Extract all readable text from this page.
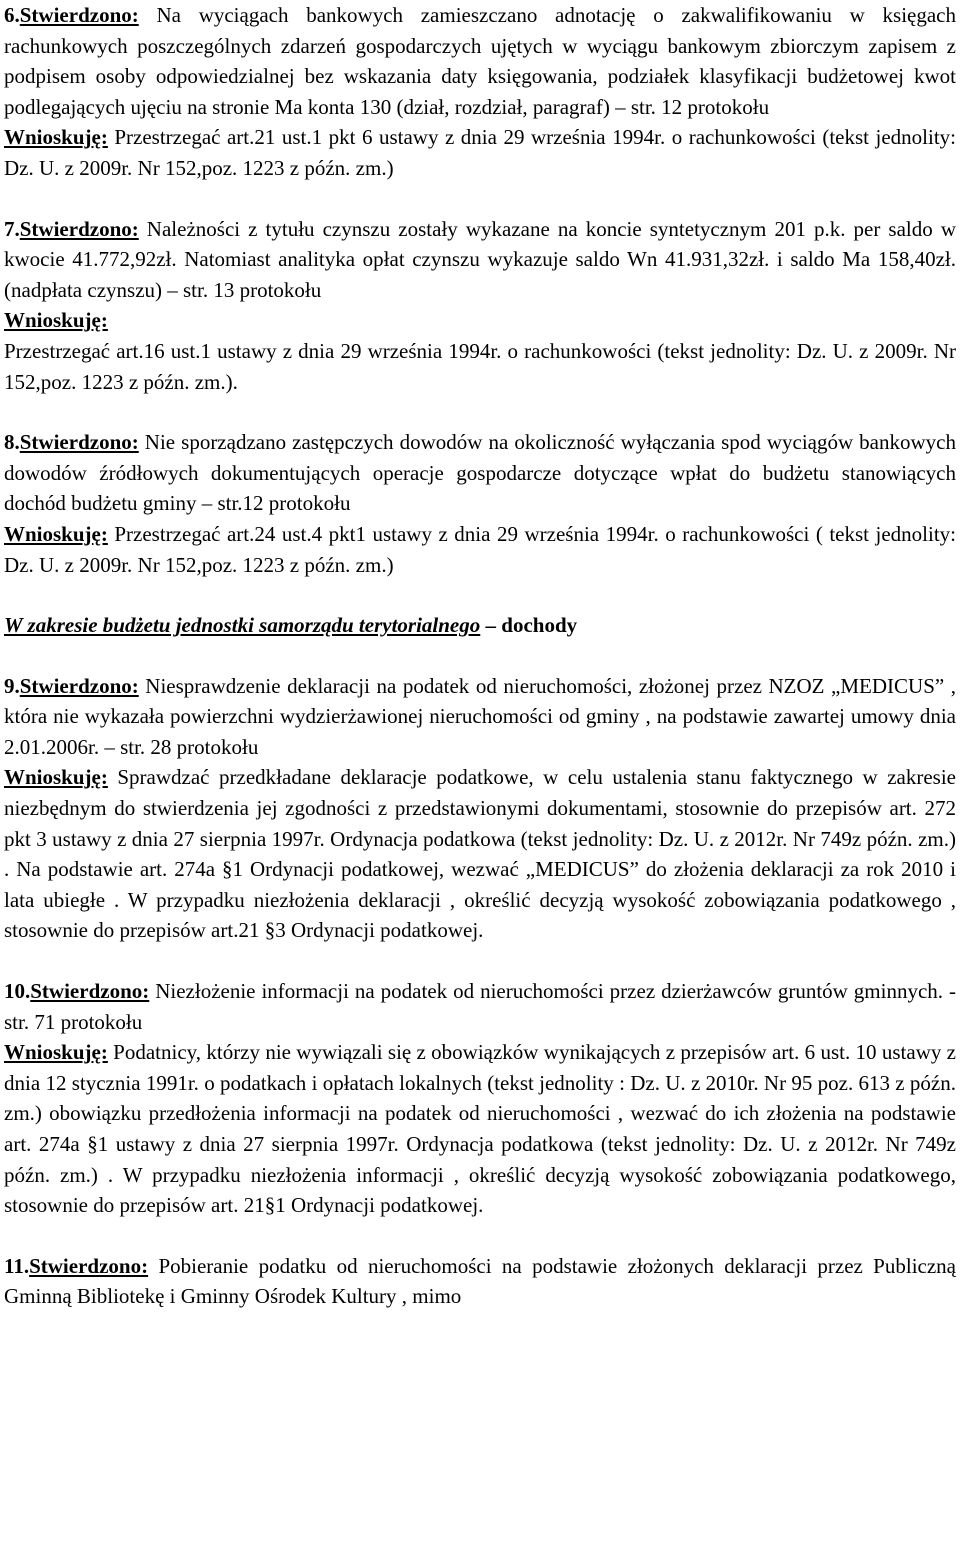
6.Stwierdzono: Na wyciągach bankowych zamieszczano adnotację o zakwalifikowaniu w księgach rachunkowych poszczególnych zdarzeń gospodarczych ujętych w wyciągu bankowym zbiorczym zapisem z podpisem osoby odpowiedzialnej bez wskazania daty księgowania, podziałek klasyfikacji budżetowej kwot podlegających ujęciu na stronie Ma konta 130 (dział, rozdział, paragraf) – str. 12 protokołu

Wnioskuję: Przestrzegać art.21 ust.1 pkt 6 ustawy z dnia 29 września 1994r. o rachunkowości (tekst jednolity: Dz. U. z 2009r. Nr 152,poz. 1223 z późn. zm.)

7.Stwierdzono: Należności z tytułu czynszu zostały wykazane na koncie syntetycznym 201 p.k. per saldo w kwocie 41.772,92zł. Natomiast analityka opłat czynszu wykazuje saldo Wn 41.931,32zł. i saldo Ma 158,40zł. (nadpłata czynszu) – str. 13 protokołu

Wnioskuję:

Przestrzegać art.16 ust.1 ustawy z dnia 29 września 1994r. o rachunkowości (tekst jednolity: Dz. U. z 2009r. Nr 152,poz. 1223 z późn. zm.).

8.Stwierdzono: Nie sporządzano zastępczych dowodów na okoliczność wyłączania spod wyciągów bankowych dowodów źródłowych dokumentujących operacje gospodarcze dotyczące wpłat do budżetu stanowiących dochód budżetu gminy – str.12 protokołu

Wnioskuję: Przestrzegać art.24 ust.4 pkt1 ustawy z dnia 29 września 1994r. o rachunkowości ( tekst jednolity: Dz. U. z 2009r. Nr 152,poz. 1223 z późn. zm.)

W zakresie budżetu jednostki samorządu terytorialnego – dochody

9.Stwierdzono: Niesprawdzenie deklaracji na podatek od nieruchomości, złożonej przez NZOZ „MEDICUS” , która nie wykazała powierzchni wydzierżawionej nieruchomości od gminy , na podstawie zawartej umowy dnia 2.01.2006r. – str. 28 protokołu

Wnioskuję: Sprawdzać przedkładane deklaracje podatkowe, w celu ustalenia stanu faktycznego w zakresie niezbędnym do stwierdzenia jej zgodności z przedstawionymi dokumentami, stosownie do przepisów art. 272 pkt 3 ustawy z dnia 27 sierpnia 1997r. Ordynacja podatkowa (tekst jednolity: Dz. U. z 2012r. Nr 749z późn. zm.) . Na podstawie art. 274a §1 Ordynacji podatkowej, wezwać „MEDICUS” do złożenia deklaracji za rok 2010 i lata ubiegłe . W przypadku niezłożenia deklaracji , określić decyzją wysokość zobowiązania podatkowego , stosownie do przepisów art.21 §3 Ordynacji podatkowej.

10.Stwierdzono: Niezłożenie informacji na podatek od nieruchomości przez dzierżawców gruntów gminnych. - str. 71 protokołu

Wnioskuję: Podatnicy, którzy nie wywiązali się z obowiązków wynikających z przepisów art. 6 ust. 10 ustawy z dnia 12 stycznia 1991r. o podatkach i opłatach lokalnych (tekst jednolity : Dz. U. z 2010r. Nr 95 poz. 613 z późn. zm.) obowiązku przedłożenia informacji na podatek od nieruchomości , wezwać do ich złożenia na podstawie art. 274a §1 ustawy z dnia 27 sierpnia 1997r. Ordynacja podatkowa (tekst jednolity: Dz. U. z 2012r. Nr 749z późn. zm.) . W przypadku niezłożenia informacji , określić decyzją wysokość zobowiązania podatkowego, stosownie do przepisów art. 21§1 Ordynacji podatkowej.

11.Stwierdzono: Pobieranie podatku od nieruchomości na podstawie złożonych deklaracji przez Publiczną Gminną Bibliotekę i Gminny Ośrodek Kultury , mimo
